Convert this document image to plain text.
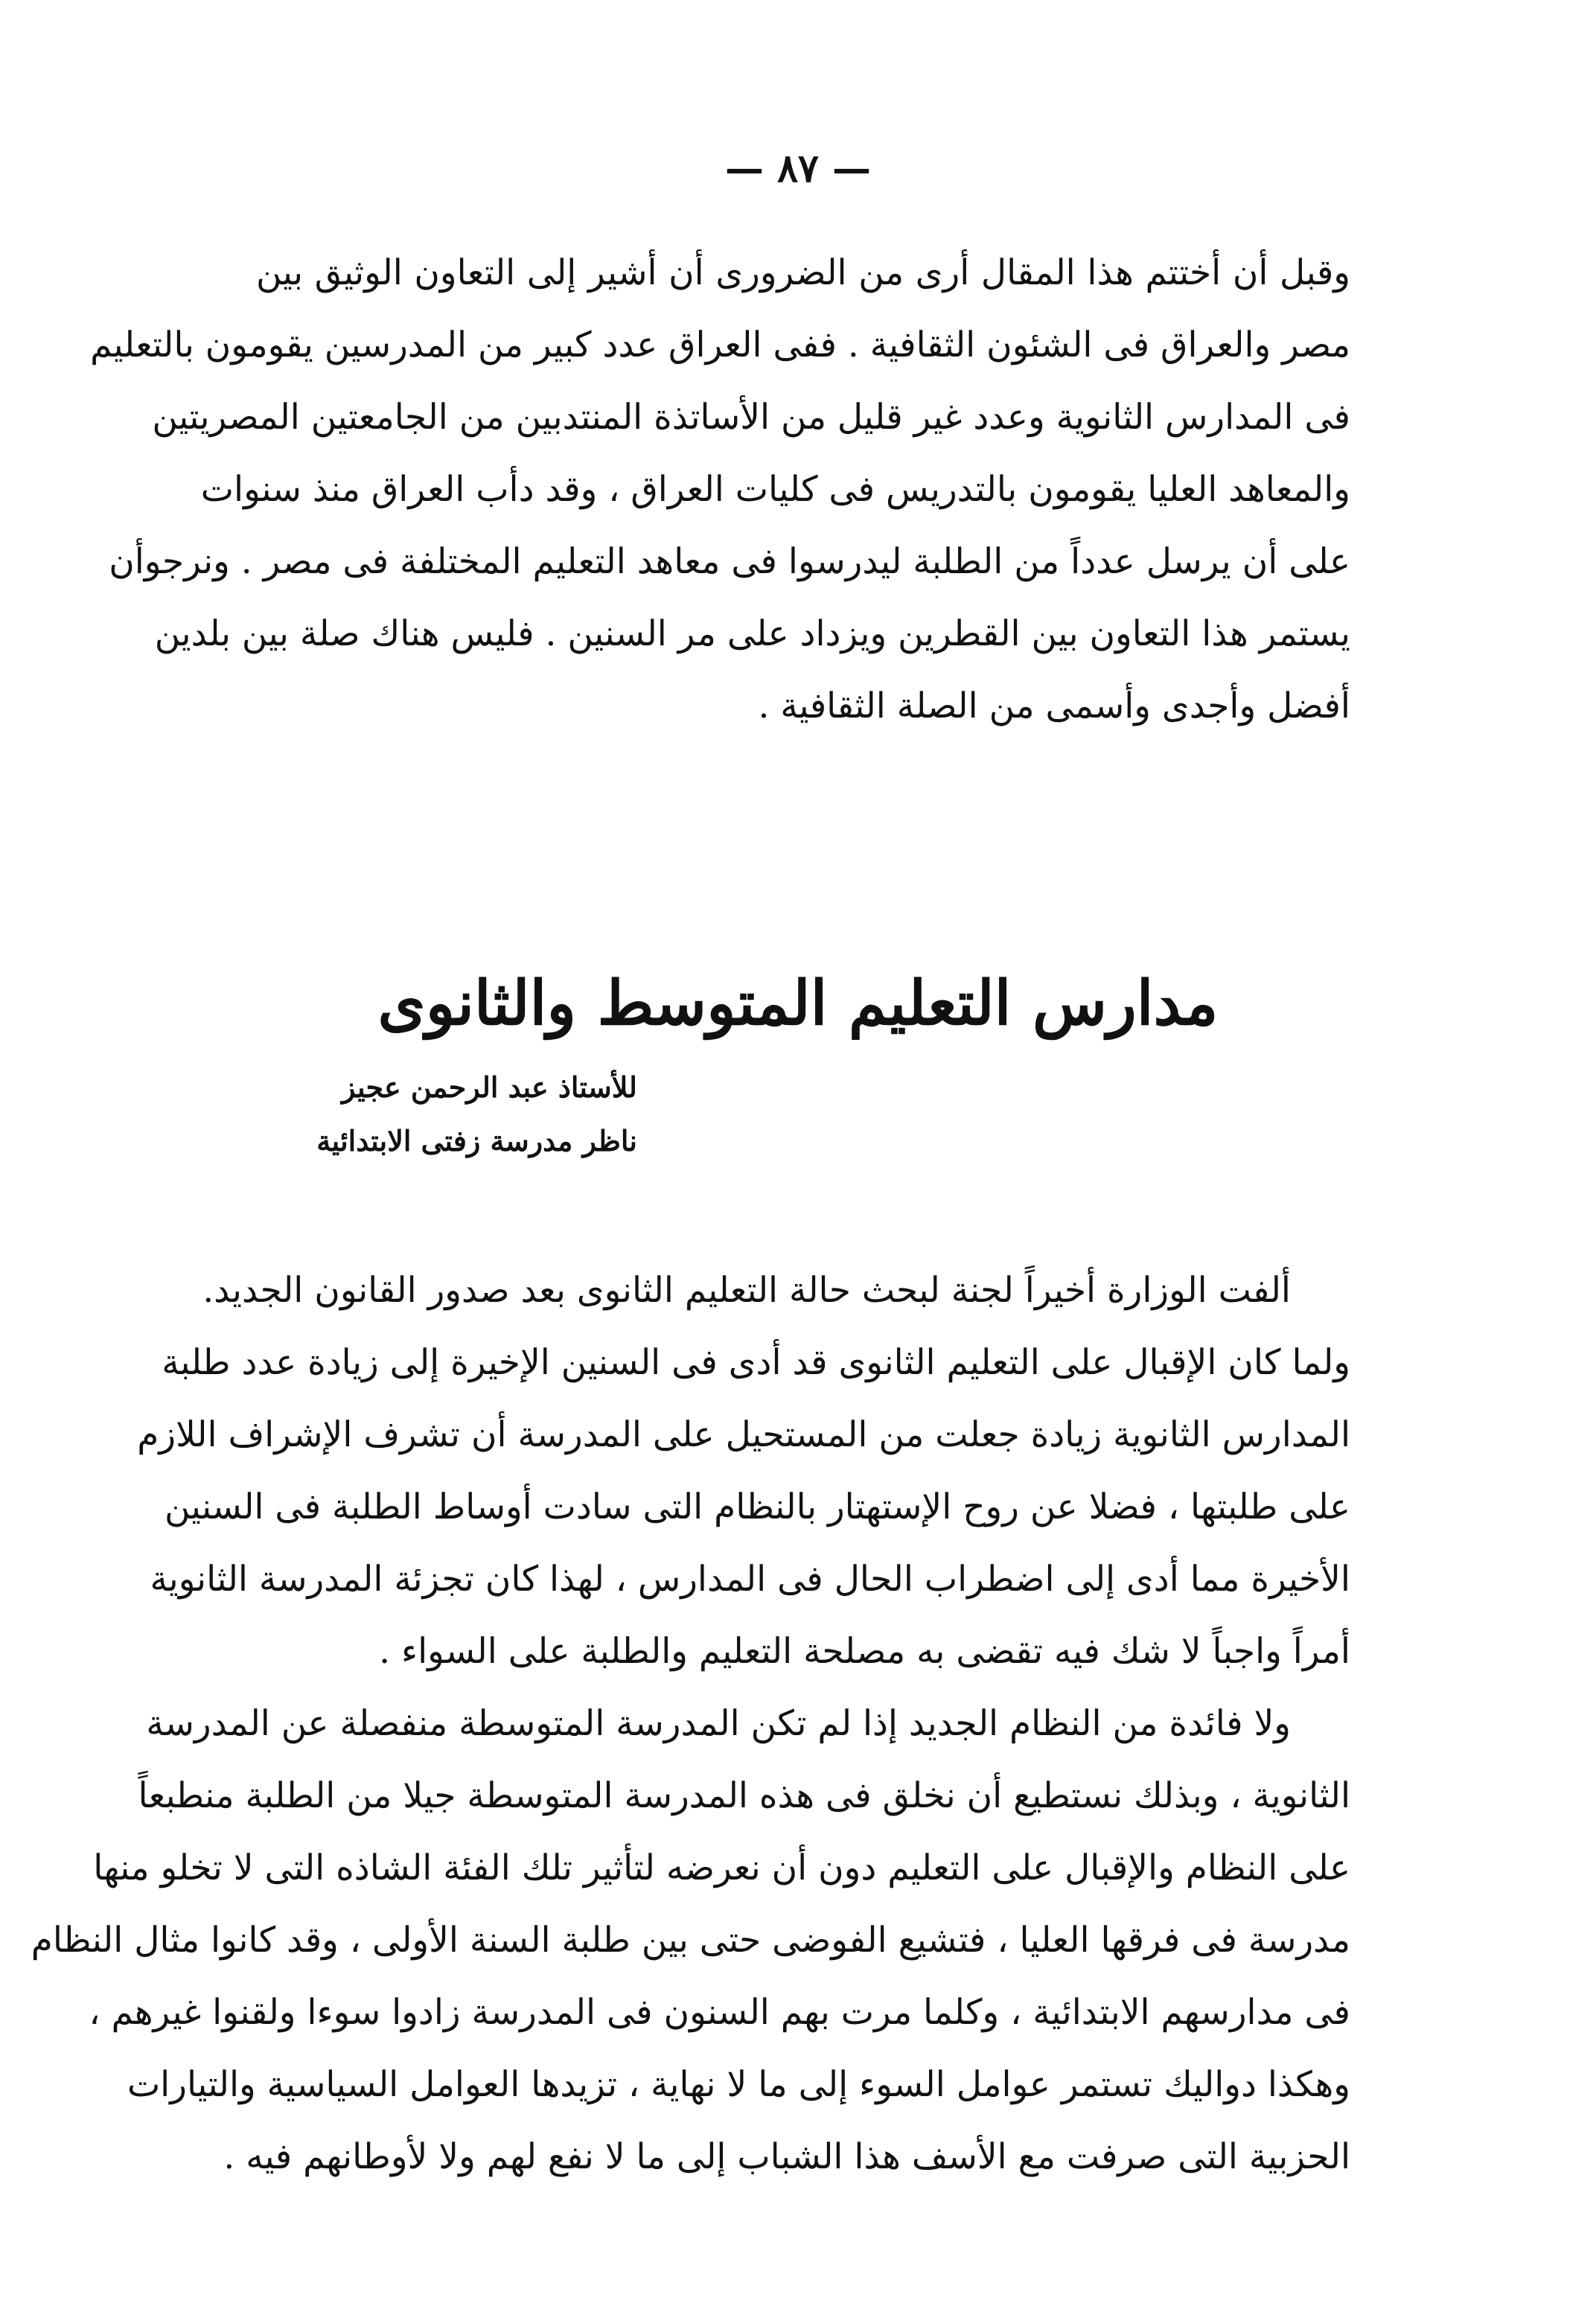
— ٨٧ —
وقبل أن أختتم هذا المقال أرى من الضرورى أن أشير إلى التعاون الوثيق بين
مصر والعراق فى الشئون الثقافية . ففى العراق عدد كبير من المدرسين يقومون بالتعليم
فى المدارس الثانوية وعدد غير قليل من الأساتذة المنتدبين من الجامعتين المصريتين
والمعاهد العليا يقومون بالتدريس فى كليات العراق ، وقد دأب العراق منذ سنوات
على أن يرسل عدداً من الطلبة ليدرسوا فى معاهد التعليم المختلفة فى مصر . ونرجوأن
يستمر هذا التعاون بين القطرين ويزداد على مر السنين . فليس هناك صلة بين بلدين
أفضل وأجدى وأسمى من الصلة الثقافية .
مدارس التعليم المتوسط والثانوى
للأستاذ عبد الرحمن عجيز
ناظر مدرسة زفتى الابتدائية
ألفت الوزارة أخيراً لجنة لبحث حالة التعليم الثانوى بعد صدور القانون الجديد.
ولما كان الإقبال على التعليم الثانوى قد أدى فى السنين الإخيرة إلى زيادة عدد طلبة
المدارس الثانوية زيادة جعلت من المستحيل على المدرسة أن تشرف الإشراف اللازم
على طلبتها ، فضلا عن روح الإستهتار بالنظام التى سادت أوساط الطلبة فى السنين
الأخيرة مما أدى إلى اضطراب الحال فى المدارس ، لهذا كان تجزئة المدرسة الثانوية
أمراً واجباً لا شك فيه تقضى به مصلحة التعليم والطلبة على السواء .
ولا فائدة من النظام الجديد إذا لم تكن المدرسة المتوسطة منفصلة عن المدرسة
الثانوية ، وبذلك نستطيع أن نخلق فى هذه المدرسة المتوسطة جيلا من الطلبة منطبعاً
على النظام والإقبال على التعليم دون أن نعرضه لتأثير تلك الفئة الشاذه التى لا تخلو منها
مدرسة فى فرقها العليا ، فتشيع الفوضى حتى بين طلبة السنة الأولى ، وقد كانوا مثال النظام
فى مدارسهم الابتدائية ، وكلما مرت بهم السنون فى المدرسة زادوا سوءا ولقنوا غيرهم ،
وهكذا دواليك تستمر عوامل السوء إلى ما لا نهاية ، تزيدها العوامل السياسية والتيارات
الحزبية التى صرفت مع الأسف هذا الشباب إلى ما لا نفع لهم ولا لأوطانهم فيه .
